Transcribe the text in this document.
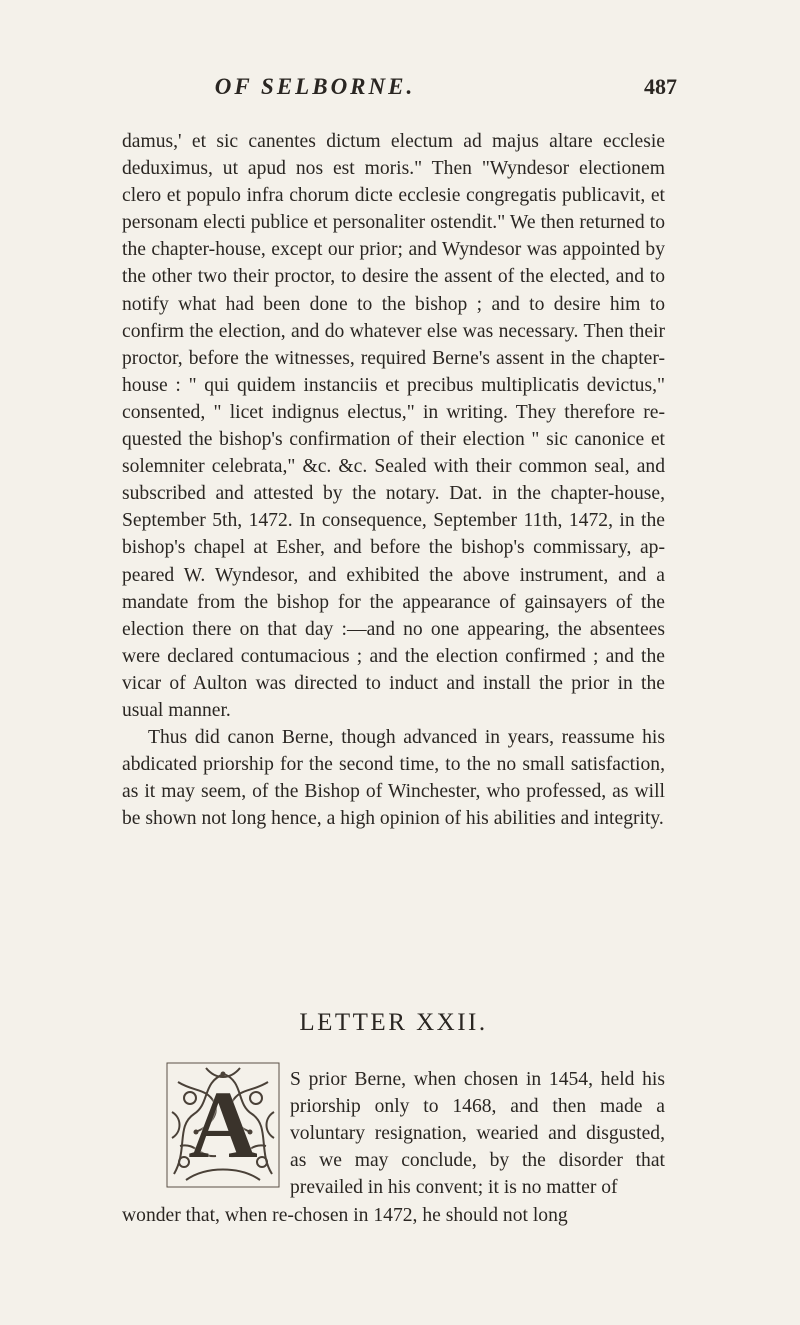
OF SELBORNE.	487

damus,' et sic canentes dictum electum ad majus altare ecclesie deduximus, ut apud nos est moris." Then "Wyndesor electionem clero et populo infra chorum dicte ecclesie congregatis publicavit, et personam electi publice et personaliter ostendit." We then returned to the chapter-house, except our prior; and Wyndesor was appointed by the other two their proctor, to desire the assent of the elected, and to notify what had been done to the bishop ; and to desire him to confirm the election, and do whatever else was necessary. Then their proctor, before the witnesses, required Berne's assent in the chapter-house : " qui quidem instanciis et precibus multiplicatis devictus," consented, " licet indignus electus," in writing. They therefore requested the bishop's confirmation of their election " sic canonice et solemniter celebrata," &c. &c. Sealed with their common seal, and subscribed and attested by the notary. Dat. in the chapter-house, September 5th, 1472. In consequence, September 11th, 1472, in the bishop's chapel at Esher, and before the bishop's commissary, appeared W. Wyndesor, and exhibited the above instrument, and a mandate from the bishop for the appearance of gainsayers of the election there on that day :—and no one appearing, the absentees were declared contumacious ; and the election confirmed ; and the vicar of Aulton was directed to induct and install the prior in the usual manner.

Thus did canon Berne, though advanced in years, reassume his abdicated priorship for the second time, to the no small satisfaction, as it may seem, of the Bishop of Winchester, who professed, as will be shown not long hence, a high opinion of his abilities and integrity.

LETTER XXII.
A	S prior Berne, when chosen in 1454, held his priorship only to 1468, and then made a voluntary resignation, wearied and disgusted, as we may conclude, by the disorder that prevailed in his convent; it is no matter of
wonder that, when re-chosen in 1472, he should not long
